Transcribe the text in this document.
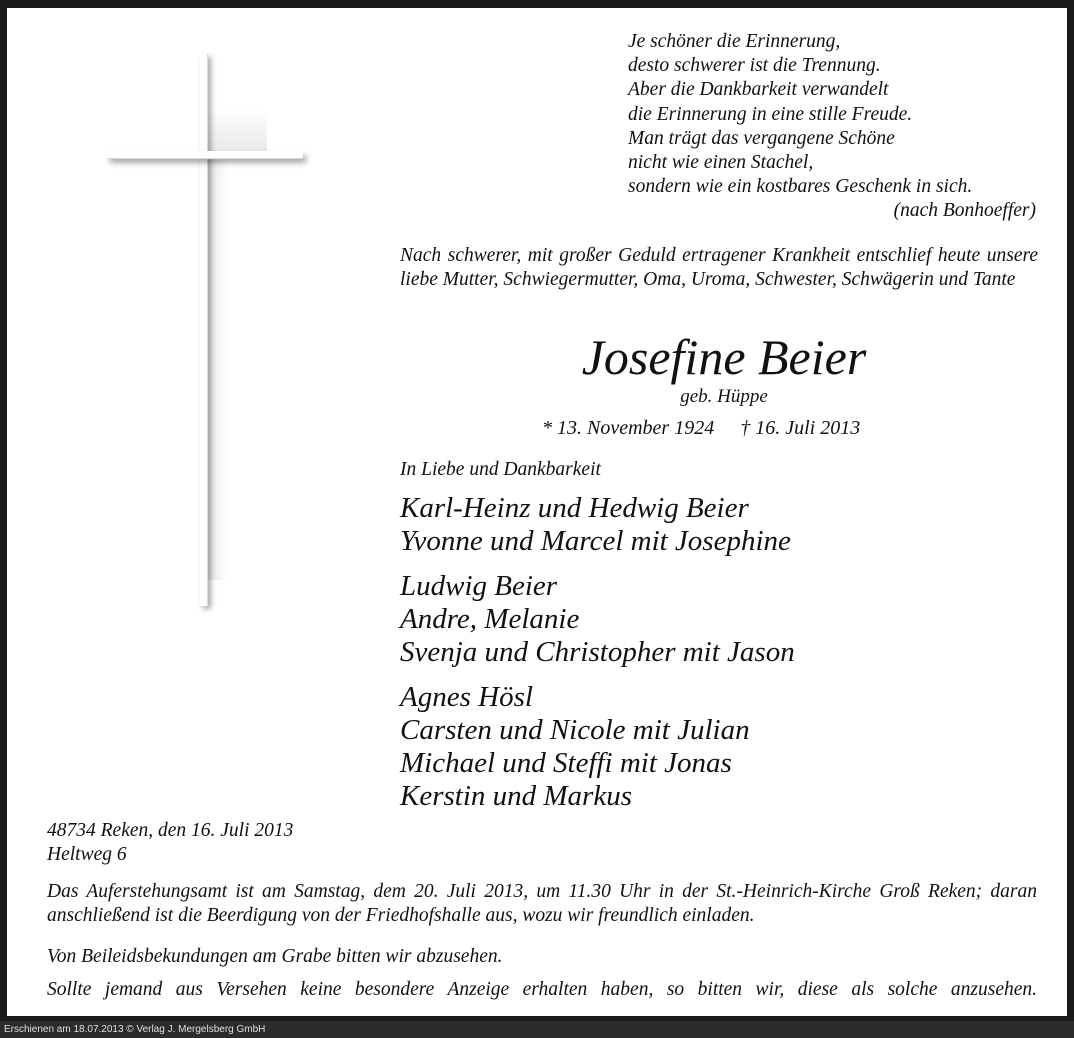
Je schöner die Erinnerung,
desto schwerer ist die Trennung.
Aber die Dankbarkeit verwandelt
die Erinnerung in eine stille Freude.
Man trägt das vergangene Schöne
nicht wie einen Stachel,
sondern wie ein kostbares Geschenk in sich.
(nach Bonhoeffer)
Nach schwerer, mit großer Geduld ertragener Krankheit entschlief heute unsere liebe Mutter, Schwiegermutter, Oma, Uroma, Schwester, Schwägerin und Tante
Josefine Beier
geb. Hüppe
* 13. November 1924 † 16. Juli 2013
In Liebe und Dankbarkeit
Karl-Heinz und Hedwig Beier
Yvonne und Marcel mit Josephine
Ludwig Beier
Andre, Melanie
Svenja und Christopher mit Jason
Agnes Hösl
Carsten und Nicole mit Julian
Michael und Steffi mit Jonas
Kerstin und Markus
48734 Reken, den 16. Juli 2013
Heltweg 6
Das Auferstehungsamt ist am Samstag, dem 20. Juli 2013, um 11.30 Uhr in der St.-Heinrich-Kirche Groß Reken; daran anschließend ist die Beerdigung von der Friedhofshalle aus, wozu wir freundlich einladen.
Von Beileidsbekundungen am Grabe bitten wir abzusehen.
Sollte jemand aus Versehen keine besondere Anzeige erhalten haben, so bitten wir, diese als solche anzusehen.
Erschienen am 18.07.2013 © Verlag J. Mergelsberg GmbH
